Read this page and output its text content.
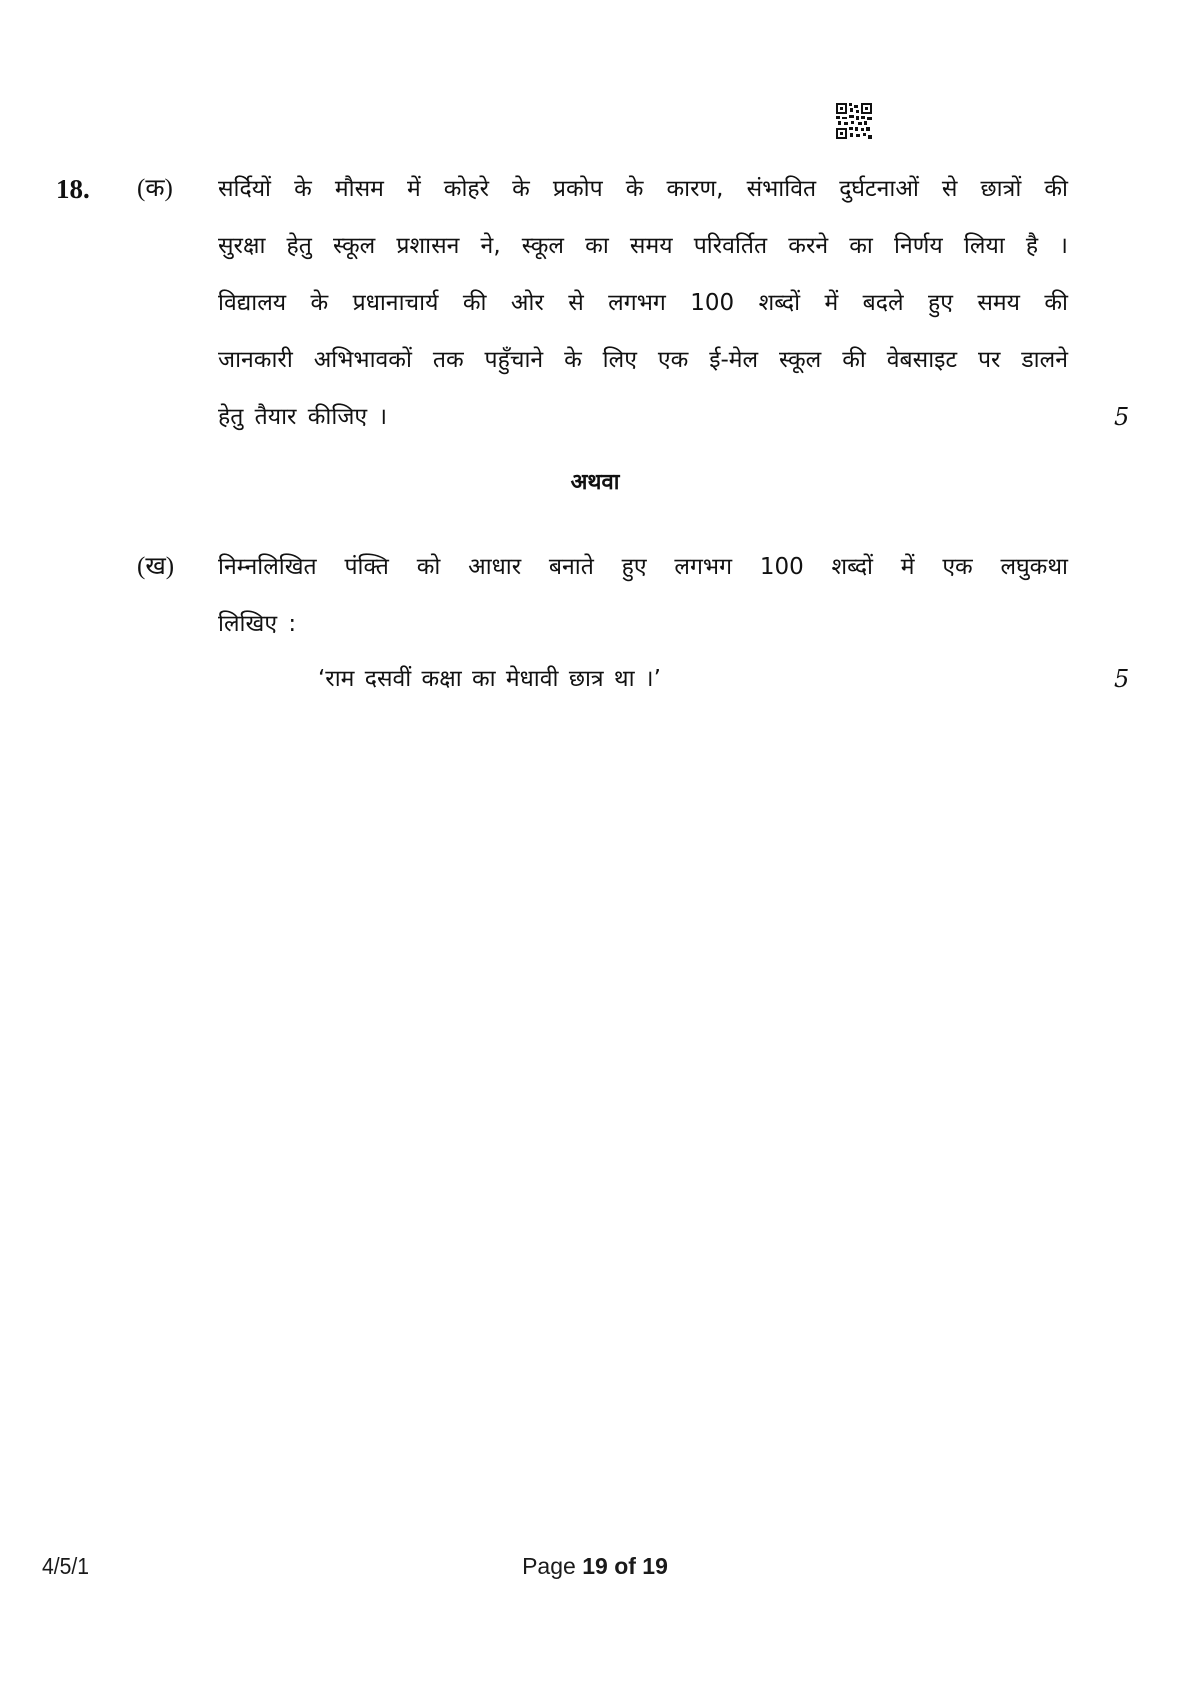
18. (क) सर्दियों के मौसम में कोहरे के प्रकोप के कारण, संभावित दुर्घटनाओं से छात्रों की
सुरक्षा हेतु स्कूल प्रशासन ने, स्कूल का समय परिवर्तित करने का निर्णय लिया है ।
विद्यालय के प्रधानाचार्य की ओर से लगभग 100 शब्दों में बदले हुए समय की
जानकारी अभिभावकों तक पहुँचाने के लिए एक ई-मेल स्कूल की वेबसाइट पर डालने
हेतु तैयार कीजिए ।	5
अथवा
(ख) निम्नलिखित पंक्ति को आधार बनाते हुए लगभग 100 शब्दों में एक लघुकथा
लिखिए :
‘राम दसवीं कक्षा का मेधावी छात्र था ।’	5
4/5/1	Page 19 of 19
